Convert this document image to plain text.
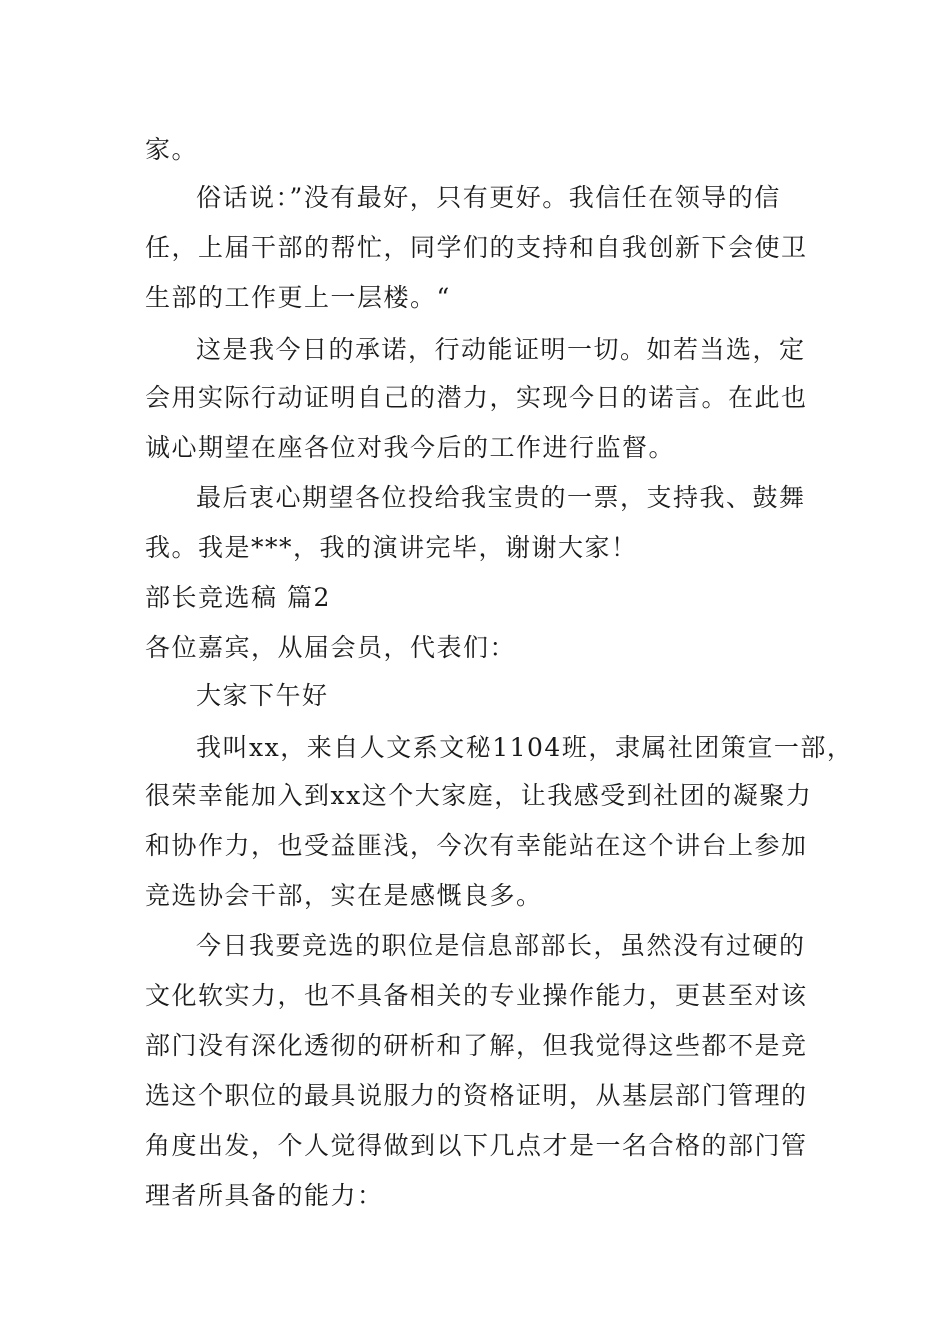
家。
俗话说：”没有最好，只有更好。我信任在领导的信
任，上届干部的帮忙，同学们的支持和自我创新下会使卫
生部的工作更上一层楼。“
这是我今日的承诺，行动能证明一切。如若当选，定
会用实际行动证明自己的潜力，实现今日的诺言。在此也
诚心期望在座各位对我今后的工作进行监督。
最后衷心期望各位投给我宝贵的一票，支持我、鼓舞
我。我是***，我的演讲完毕，谢谢大家！
部长竞选稿 篇2
各位嘉宾，从届会员，代表们：
大家下午好
我叫xx，来自人文系文秘1104班，隶属社团策宣一部，
很荣幸能加入到xx这个大家庭，让我感受到社团的凝聚力
和协作力，也受益匪浅，今次有幸能站在这个讲台上参加
竞选协会干部，实在是感慨良多。
今日我要竞选的职位是信息部部长，虽然没有过硬的
文化软实力，也不具备相关的专业操作能力，更甚至对该
部门没有深化透彻的研析和了解，但我觉得这些都不是竞
选这个职位的最具说服力的资格证明，从基层部门管理的
角度出发，个人觉得做到以下几点才是一名合格的部门管
理者所具备的能力：
